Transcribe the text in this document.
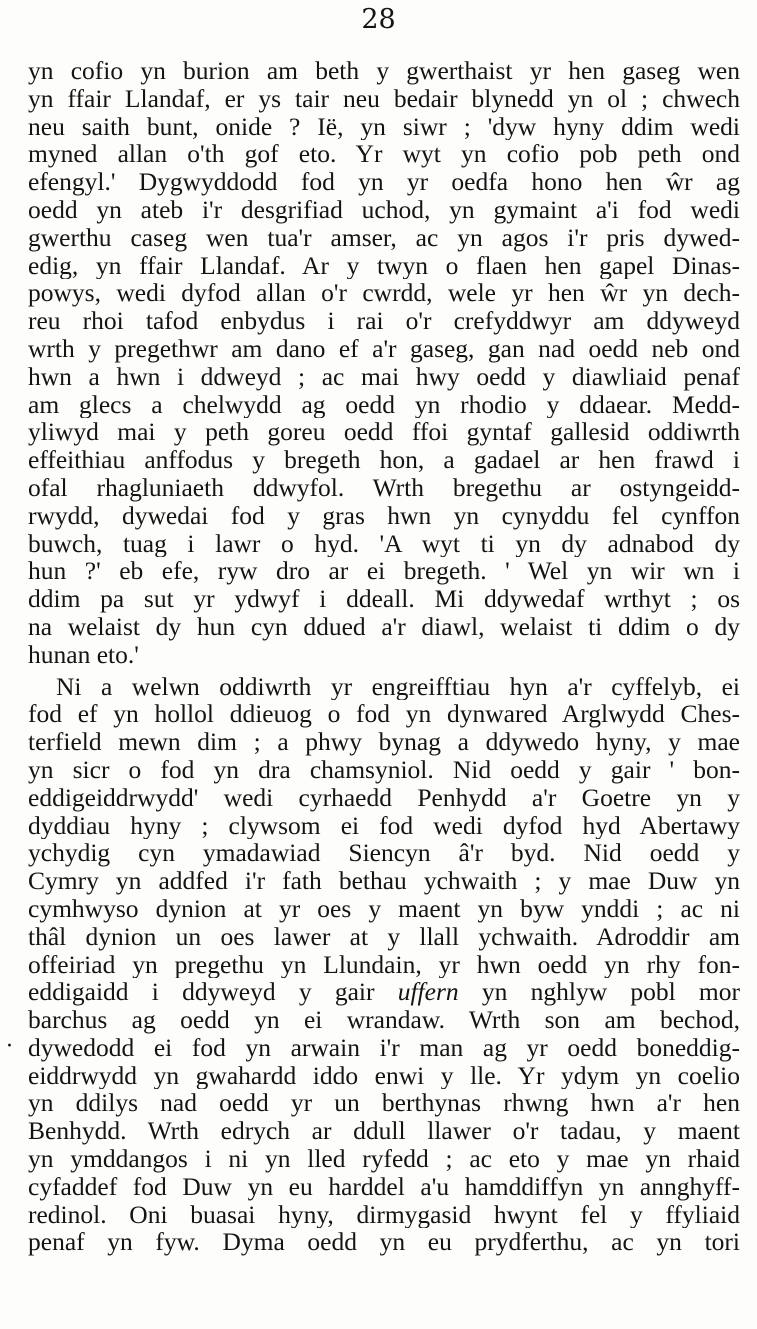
28
·
yn cofio yn burion am beth y gwerthaist yr hen gaseg wen
yn ffair Llandaf, er ys tair neu bedair blynedd yn ol ; chwech
neu saith bunt, onide ? Ië, yn siwr ; 'dyw hyny ddim wedi
myned allan o'th gof eto. Yr wyt yn cofio pob peth ond
efengyl.' Dygwyddodd fod yn yr oedfa hono hen ŵr ag
oedd yn ateb i'r desgrifiad uchod, yn gymaint a'i fod wedi
gwerthu caseg wen tua'r amser, ac yn agos i'r pris dywed-
edig, yn ffair Llandaf. Ar y twyn o flaen hen gapel Dinas-
powys, wedi dyfod allan o'r cwrdd, wele yr hen ŵr yn dech-
reu rhoi tafod enbydus i rai o'r crefyddwyr am ddyweyd
wrth y pregethwr am dano ef a'r gaseg, gan nad oedd neb ond
hwn a hwn i ddweyd ; ac mai hwy oedd y diawliaid penaf
am glecs a chelwydd ag oedd yn rhodio y ddaear. Medd-
yliwyd mai y peth goreu oedd ffoi gyntaf gallesid oddiwrth
effeithiau anffodus y bregeth hon, a gadael ar hen frawd i
ofal rhagluniaeth ddwyfol. Wrth bregethu ar ostyngeidd-
rwydd, dywedai fod y gras hwn yn cynyddu fel cynffon
buwch, tuag i lawr o hyd. 'A wyt ti yn dy adnabod dy
hun ?' eb efe, ryw dro ar ei bregeth. ' Wel yn wir wn i
ddim pa sut yr ydwyf i ddeall. Mi ddywedaf wrthyt ; os
na welaist dy hun cyn ddued a'r diawl, welaist ti ddim o dy
hunan eto.'
Ni a welwn oddiwrth yr engreifftiau hyn a'r cyffelyb, ei
fod ef yn hollol ddieuog o fod yn dynwared Arglwydd Ches-
terfield mewn dim ; a phwy bynag a ddywedo hyny, y mae
yn sicr o fod yn dra chamsyniol. Nid oedd y gair ' bon-
eddigeiddrwydd' wedi cyrhaedd Penhydd a'r Goetre yn y
dyddiau hyny ; clywsom ei fod wedi dyfod hyd Abertawy
ychydig cyn ymadawiad Siencyn â'r byd. Nid oedd y
Cymry yn addfed i'r fath bethau ychwaith ; y mae Duw yn
cymhwyso dynion at yr oes y maent yn byw ynddi ; ac ni
thâl dynion un oes lawer at y llall ychwaith. Adroddir am
offeiriad yn pregethu yn Llundain, yr hwn oedd yn rhy fon-
eddigaidd i ddyweyd y gair uffern yn nghlyw pobl mor
barchus ag oedd yn ei wrandaw. Wrth son am bechod,
dywedodd ei fod yn arwain i'r man ag yr oedd boneddig-
eiddrwydd yn gwahardd iddo enwi y lle. Yr ydym yn coelio
yn ddilys nad oedd yr un berthynas rhwng hwn a'r hen
Benhydd. Wrth edrych ar ddull llawer o'r tadau, y maent
yn ymddangos i ni yn lled ryfedd ; ac eto y mae yn rhaid
cyfaddef fod Duw yn eu harddel a'u hamddiffyn yn annghyff-
redinol. Oni buasai hyny, dirmygasid hwynt fel y ffyliaid
penaf yn fyw. Dyma oedd yn eu prydferthu, ac yn tori
